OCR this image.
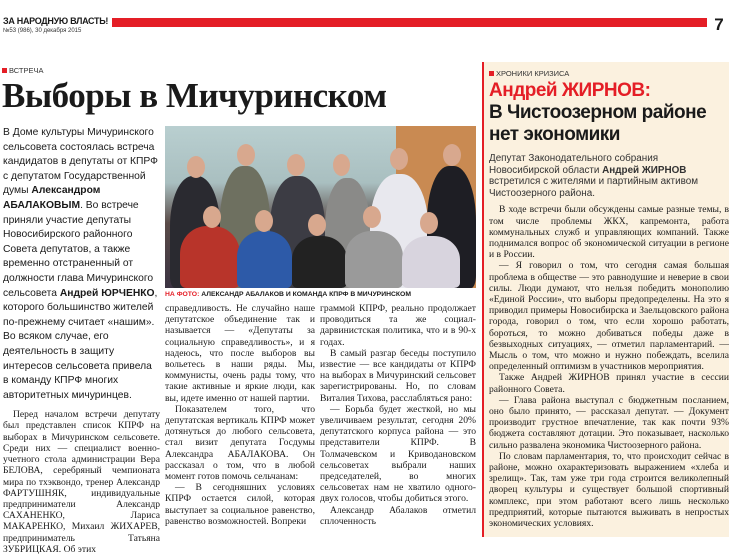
ЗА НАРОДНУЮ ВЛАСТЬ!
№53 (986), 30 декабря 2015	7
ВСТРЕЧА
Выборы в Мичуринском
В Доме культуры Мичуринского сельсовета состоялась встреча кандидатов в депутаты от КПРФ с депутатом Государственной думы Александром АБАЛАКОВЫМ. Во встрече приняли участие депутаты Новосибирского районного Совета депутатов, а также временно отстраненный от должности глава Мичуринского сельсовета Андрей ЮРЧЕНКО, которого большинство жителей по-прежнему считает «нашим». Во всяком случае, его деятельность в защиту интересов сельсовета привела в команду КПРФ многих авторитетных мичуринцев.

Перед началом встречи депутату был представлен список КПРФ на выборах в Мичуринском сельсовете. Среди них — специалист военно-учетного стола администрации Вера БЕЛОВА, серебряный чемпионата мира по тхэквондо, тренер Александр ФАРТУШНЯК, индивидуальные предприниматели Александр САХАНЕНКО, Лариса МАКАРЕНКО, Михаил ЖИХАРЕВ, предприниматель Татьяна ЗУБРИЦКАЯ. Об этих

НА ФОТО: АЛЕКСАНДР АБАЛАКОВ И КОМАНДА КПРФ В МИЧУРИНСКОМ

справедливость. Не случайно наше депутатское объединение так и называется — «Депутаты за социальную справедливость», и я надеюсь, что после выборов вы вольетесь в наши ряды. Мы, коммунисты, очень рады тому, что такие активные и яркие люди, как вы, идете именно от нашей партии.

Показателем того, что депутатская вертикаль КПРФ может дотянуться до любого сельсовета, стал визит депутата Госдумы Александра АБАЛАКОВА. Он рассказал о том, что в любой момент готов помочь сельчанам:

— В сегодняшних условиях КПРФ остается силой, которая выступает за социальное равенство, равенство возможностей. Вопреки

граммой КПРФ, реально продолжает проводиться та же социал-дарвинистская политика, что и в 90-х годах.

В самый разгар беседы поступило известие — все кандидаты от КПРФ на выборах в Мичуринский сельсовет зарегистрированы. Но, по словам Виталия Тихова, расслабляться рано:

— Борьба будет жесткой, но мы увеличиваем результат, сегодня 20% депутатского корпуса района — это представители КПРФ. В Толмачевском и Криводановском сельсоветах выбрали наших председателей, во многих сельсоветах нам не хватило одного-двух голосов, чтобы добиться этого.

Александр Абалаков отметил сплоченность

ХРОНИКИ КРИЗИСА
Андрей ЖИРНОВ:
В Чистоозерном районе нет экономики
Депутат Законодательного собрания Новосибирской области Андрей ЖИРНОВ встретился с жителями и партийным активом Чистоозерного района.

В ходе встречи были обсуждены самые разные темы, в том числе проблемы ЖКХ, капремонта, работа коммунальных служб и управляющих компаний. Также поднимался вопрос об экономической ситуации в регионе и в России.

— Я говорил о том, что сегодня самая большая проблема в обществе — это равнодушие и неверие в свои силы. Люди думают, что нельзя победить монополию «Единой России», что выборы предопределены. На это я приводил примеры Новосибирска и Заельцовского района города, говорил о том, что если хорошо работать, бороться, то можно добиваться победы даже в безвыходных ситуациях, — отметил парламентарий. — Мысль о том, что можно и нужно побеждать, вселила определенный оптимизм в участников мероприятия.

Также Андрей ЖИРНОВ принял участие в сессии районного Совета.

— Глава района выступал с бюджетным посланием, оно было принято, — рассказал депутат. — Документ производит грустное впечатление, так как почти 93% бюджета составляют дотации. Это показывает, насколько сильно развалена экономика Чистоозерного района.

По словам парламентария, то, что происходит сейчас в районе, можно охарактеризовать выражением «хлеба и зрелищ». Так, там уже три года строится великолепный дворец культуры и существует большой спортивный комплекс, при этом работают всего лишь несколько предприятий, которые пытаются выживать в непростых экономических условиях.
